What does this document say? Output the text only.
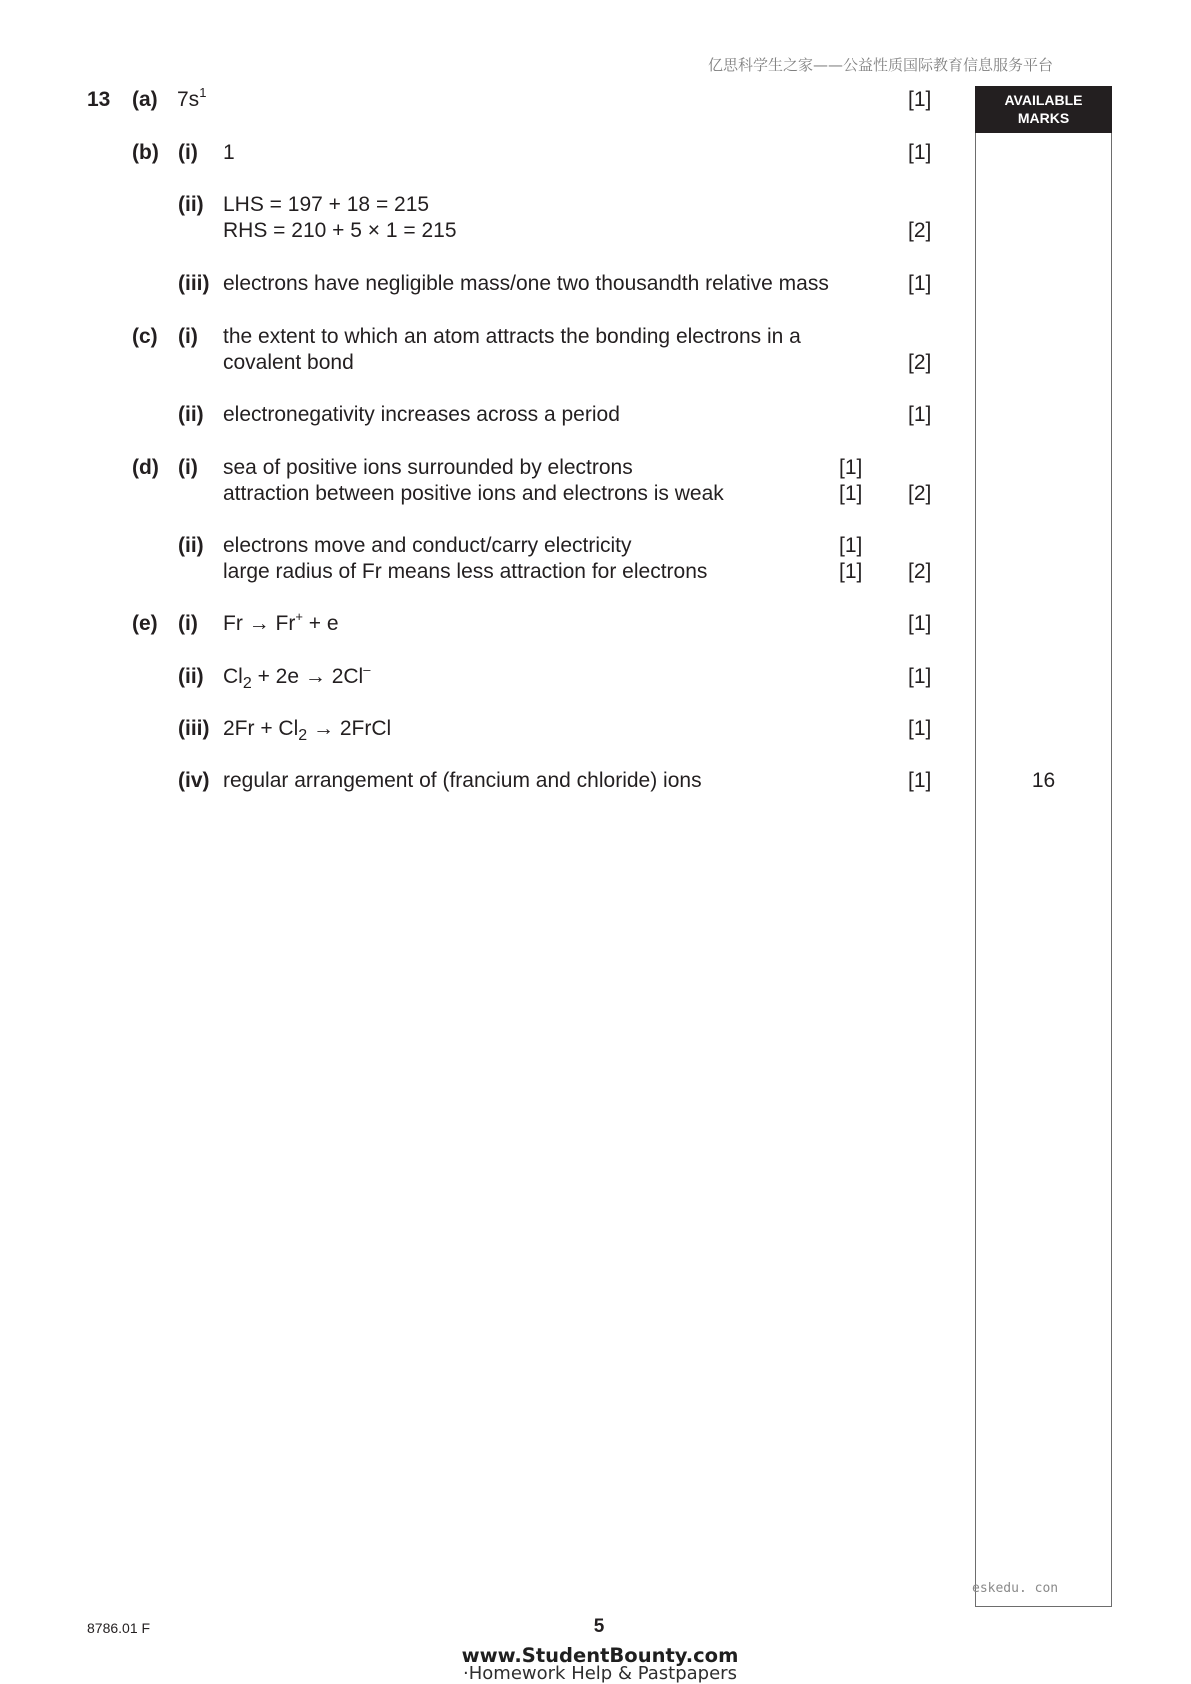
亿思科学生之家——公益性质国际教育信息服务平台
AVAILABLE
MARKS
16
13 (a) $7s^1$	[1]
(b) (i) 1	[1]
(ii) LHS = 197 + 18 = 215
RHS = 210 + 5 × 1 = 215	[2]
(iii) electrons have negligible mass/one two thousandth relative mass	[1]
(c) (i) the extent to which an atom attracts the bonding electrons in a
covalent bond	[2]
(ii) electronegativity increases across a period	[1]
(d) (i) sea of positive ions surrounded by electrons	[1]
attraction between positive ions and electrons is weak	[1] [2]
(ii) electrons move and conduct/carry electricity	[1]
large radius of Fr means less attraction for electrons	[1] [2]
(e) (i) Fr → Fr+ + e	[1]
(ii) $Cl_2 + 2e \to 2Cl^-$	[1]
(iii) $2Fr + Cl_2$ → 2FrCl	[1]
(iv) regular arrangement of (francium and chloride) ions	[1]
eskedu. con
8786.01 F	5
www.StudentBounty.com
·Homework Help & Pastpapers
